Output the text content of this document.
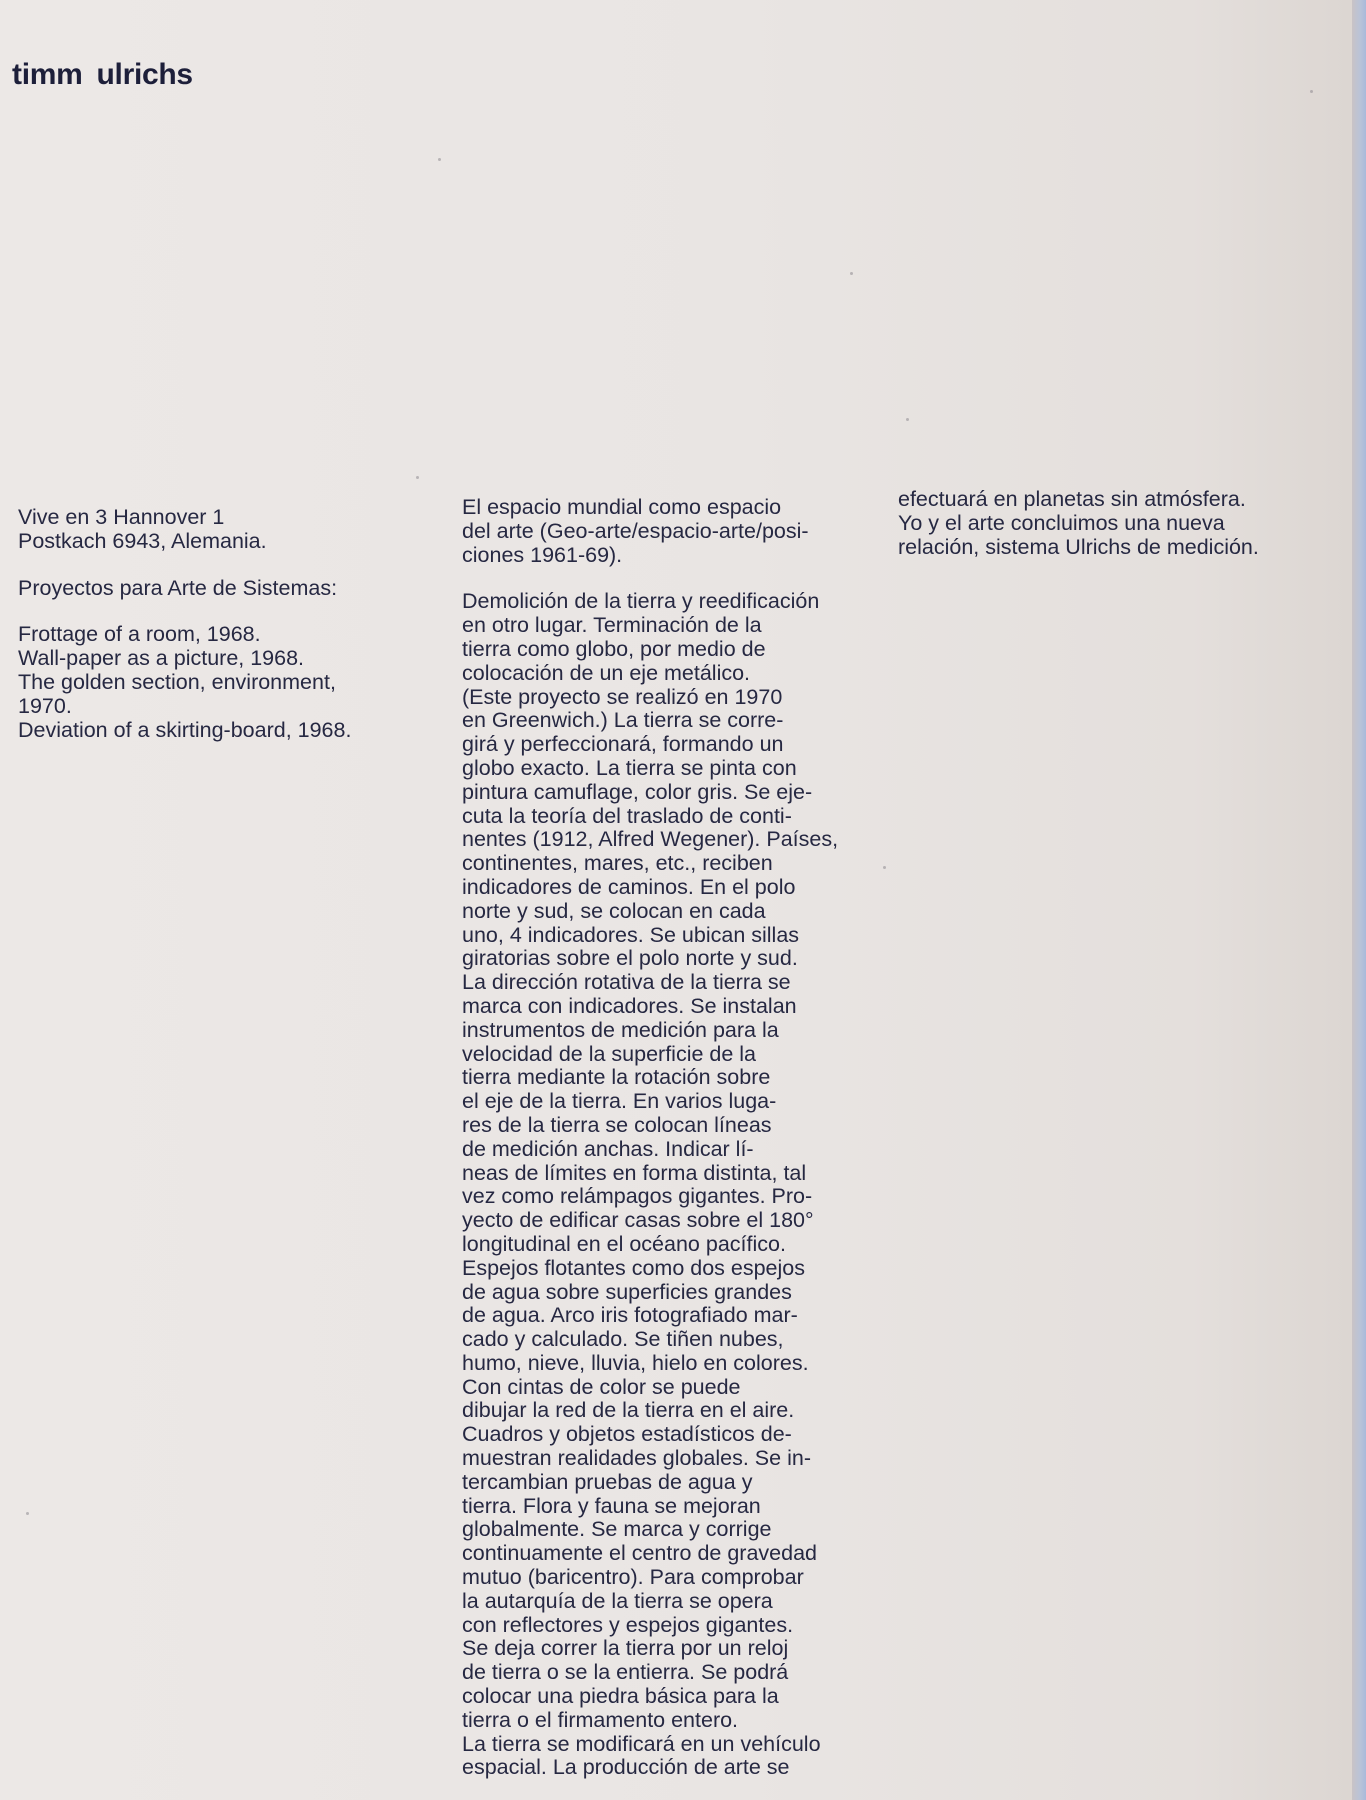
timm ulrichs

Vive en 3 Hannover 1

Postkach 6943, Alemania.

Proyectos para Arte de Sistemas:

Frottage of a room, 1968.

Wall-paper as a picture, 1968.

The golden section, environment,

1970.

Deviation of a skirting-board, 1968.

El espacio mundial como espacio

del arte (Geo-arte/espacio-arte/posi-

ciones 1961-69).

Demolición de la tierra y reedificación

en otro lugar. Terminación de la

tierra como globo, por medio de

colocación de un eje metálico.

(Este proyecto se realizó en 1970

en Greenwich.) La tierra se corre-

girá y perfeccionará, formando un

globo exacto. La tierra se pinta con

pintura camuflage, color gris. Se eje-

cuta la teoría del traslado de conti-

nentes (1912, Alfred Wegener). Países,

continentes, mares, etc., reciben

indicadores de caminos. En el polo

norte y sud, se colocan en cada

uno, 4 indicadores. Se ubican sillas

giratorias sobre el polo norte y sud.

La dirección rotativa de la tierra se

marca con indicadores. Se instalan

instrumentos de medición para la

velocidad de la superficie de la

tierra mediante la rotación sobre

el eje de la tierra. En varios luga-

res de la tierra se colocan líneas

de medición anchas. Indicar lí-

neas de límites en forma distinta, tal

vez como relámpagos gigantes. Pro-

yecto de edificar casas sobre el 180°

longitudinal en el océano pacífico.

Espejos flotantes como dos espejos

de agua sobre superficies grandes

de agua. Arco iris fotografiado mar-

cado y calculado. Se tiñen nubes,

humo, nieve, lluvia, hielo en colores.

Con cintas de color se puede

dibujar la red de la tierra en el aire.

Cuadros y objetos estadísticos de-

muestran realidades globales. Se in-

tercambian pruebas de agua y

tierra. Flora y fauna se mejoran

globalmente. Se marca y corrige

continuamente el centro de gravedad

mutuo (baricentro). Para comprobar

la autarquía de la tierra se opera

con reflectores y espejos gigantes.

Se deja correr la tierra por un reloj

de tierra o se la entierra. Se podrá

colocar una piedra básica para la

tierra o el firmamento entero.

La tierra se modificará en un vehículo

espacial. La producción de arte se

efectuará en planetas sin atmósfera.

Yo y el arte concluimos una nueva

relación, sistema Ulrichs de medición.
